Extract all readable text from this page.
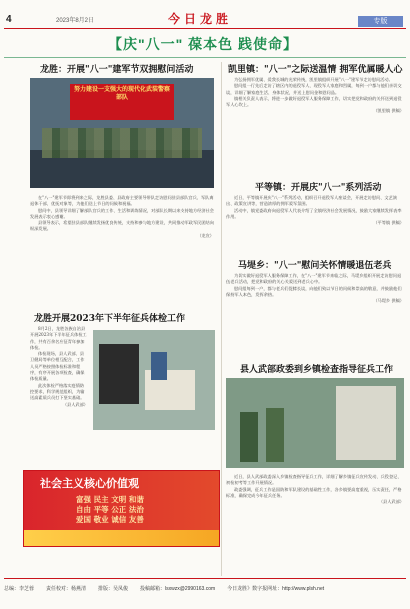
4	2023年8月2日	今日龙胜	专版
【庆"八一" 葆本色 践使命】
龙胜：开展"八一"建军节双拥慰问活动
努力建设一支强大的现代化武装警察部队

在"八一"建军节即将到来之际，龙胜县委、县政府主要领导带队走访慰问驻县部队官兵、军队离退休干部、优抚对象等，为他们送上节日的问候和祝福。

慰问中，县领导详细了解部队官兵的工作、生活和训练情况，对部队长期以来支持地方经济社会发展表示衷心感谢。

县领导表示，希望驻县部队继续发扬优良传统，支持和参与地方建设，共同推动军政军民团结向纵深发展。

（龙宣）

龙胜开展2023年下半年征兵体检工作

8月2日，龙胜各族自治县开展2023年下半年征兵体检工作，共有百余名应征青年参加体检。

体检现场，县人武部、县卫健局等单位相互配合，工作人员严格按照体检标准和程序，有序开展各项检查，确保体检质量。

此次体检严格落实疫情防控要求，科学规范组织，为输送高素质兵员打下坚实基础。

（县人武部）

社会主义核心价值观
富强 民主 文明 和谐
自由 平等 公正 法治
爱国 敬业 诚信 友善
凯里镇："八一"之际送温情 拥军优属暖人心

为弘扬拥军优属、爱我长城的光荣传统，凯里镇组织开展"八一"建军节走访慰问活动。

慰问组一行先后走访了辖区内的退役军人、现役军人家庭和烈属，每到一户都与他们亲切交谈，详细了解家庭生活、身体状况，并送上慰问金和慰问品。

镇相关负责人表示，将进一步做好退役军人服务保障工作，切实把党和政府的关怀送到退役军人心坎上。

（凯里镇 供稿）

平等镇：开展庆"八一"系列活动

近日，平等镇开展庆"八一"系列活动，组织召开退役军人座谈会，开展走访慰问、文艺演出、政策宣讲等，营造浓厚的拥军爱军氛围。

活动中，镇党委政府向退役军人代表介绍了全镇经济社会发展情况，鼓励大家继续发挥表率作用。

（平等镇 供稿）

马堤乡："八一"慰问关怀情暖退伍老兵

为切实做好退役军人服务保障工作，在"八一"建军节来临之际，马堤乡组织开展走访慰问退伍老兵活动，把党和政府的关心关爱送到老兵心中。

慰问组每到一户，都与老兵们促膝长谈，向他们致以节日的问候和崇高的敬意，并鼓励他们保持军人本色，发挥余热。

（马堤乡 供稿）

县人武部政委到乡镇检查指导征兵工作

近日，县人武部政委深入乡镇检查指导征兵工作，详细了解乡镇征兵宣传发动、兵役登记、初检初考等工作开展情况。

政委强调，征兵工作是国防和军队建设的基础性工作，各乡镇要高度重视，压实责任，严格标准，确保完成今年征兵任务。

（县人武部）

总编：李芝蓉 责任校对：杨燕清 排版：吴凤俊 投稿邮箱：lsxwzx@2990163.com 今日龙胜》数字报网址：http://www.plsh.net
